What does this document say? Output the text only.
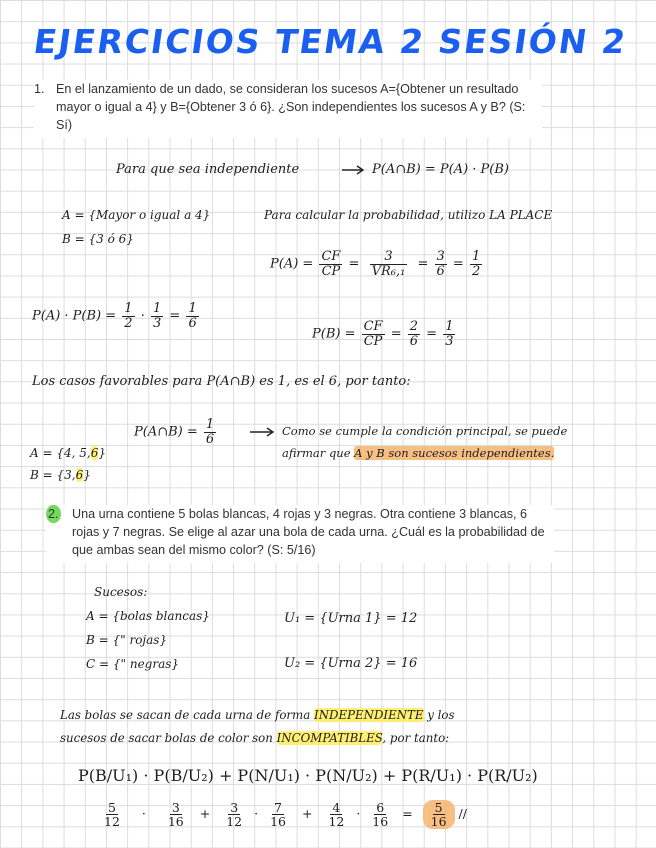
EJERCICIOS TEMA 2 SESIÓN 2
1. En el lanzamiento de un dado, se consideran los sucesos A={Obtener un resultado mayor o igual a 4} y B={Obtener 3 ó 6}. ¿Son independientes los sucesos A y B? (S: Sí)
Para que sea independiente	P(A∩B) = P(A) · P(B)
A = {Mayor o igual a 4}
B = {3 ó 6}
Para calcular la probabilidad, utilizo LA PLACE
$P(A) = \frac{CF}{CP} = \frac{3}{\text{VR₆,₁}} = \frac{3}{6} = \frac{1}{2}$
$P(A) \cdot P(B) = \frac{1}{2} \cdot \frac{1}{3} = \frac{1}{6}$
$P(B) = \frac{CF}{CP} = \frac{2}{6} = \frac{1}{3}$
Los casos favorables para P(A∩B) es 1, es el 6, por tanto:
P(A∩B) = $\frac{1}{6}$	Como se cumple la condición principal, se puede
afirmar que A y B son sucesos independientes.
A = {4, 5,6}
B = {3,6}
2. Una urna contiene 5 bolas blancas, 4 rojas y 3 negras. Otra contiene 3 blancas, 6 rojas y 7 negras. Se elige al azar una bola de cada urna. ¿Cuál es la probabilidad de que ambas sean del mismo color? (S: 5/16)
Sucesos:
A = {bolas blancas}
B = {" rojas}
C = {" negras}
U₁ = {Urna 1} = 12
U₂ = {Urna 2} = 16
Las bolas se sacan de cada urna de forma INDEPENDIENTE y los
sucesos de sacar bolas de color son INCOMPATIBLES, por tanto:
P(B/U₁) · P(B/U₂) + P(N/U₁) · P(N/U₂) + P(R/U₁) · P(R/U₂)
$\frac{5}{12} \cdot \frac{3}{16} + \frac{3}{12} \cdot \frac{7}{16} + \frac{4}{12} \cdot \frac{6}{16} = \frac{5}{16}$ //
